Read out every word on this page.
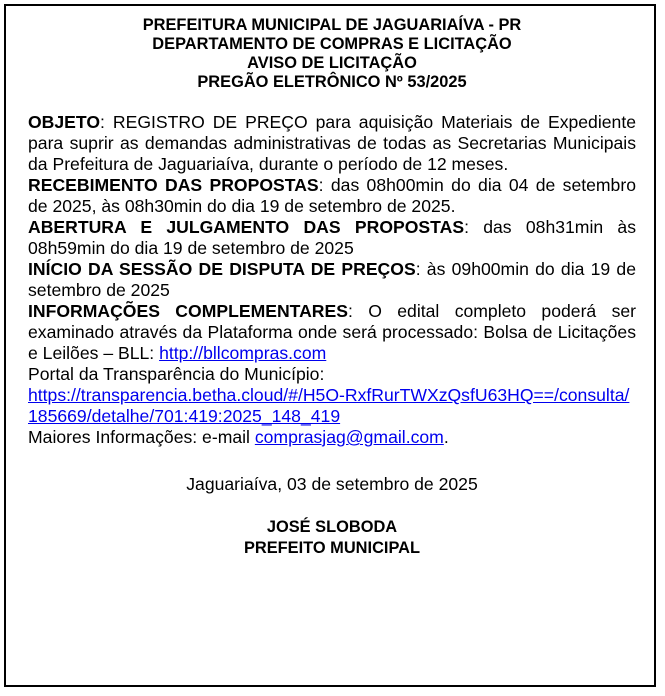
PREFEITURA MUNICIPAL DE JAGUARIAÍVA - PR
DEPARTAMENTO DE COMPRAS E LICITAÇÃO
AVISO DE LICITAÇÃO
PREGÃO ELETRÔNICO Nº 53/2025

OBJETO: REGISTRO DE PREÇO para aquisição Materiais de Expediente para suprir as demandas administrativas de todas as Secretarias Municipais da Prefeitura de Jaguariaíva, durante o período de 12 meses.

RECEBIMENTO DAS PROPOSTAS: das 08h00min do dia 04 de setembro de 2025, às 08h30min do dia 19 de setembro de 2025.

ABERTURA E JULGAMENTO DAS PROPOSTAS: das 08h31min às 08h59min do dia 19 de setembro de 2025

INÍCIO DA SESSÃO DE DISPUTA DE PREÇOS: às 09h00min do dia 19 de setembro de 2025

INFORMAÇÕES COMPLEMENTARES: O edital completo poderá ser examinado através da Plataforma onde será processado: Bolsa de Licitações e Leilões – BLL: http://bllcompras.com

Portal da Transparência do Município:
https://transparencia.betha.cloud/#/H5O-RxfRurTWXzQsfU63HQ==/consulta/185669/detalhe/701:419:2025_148_419

Maiores Informações: e-mail comprasjag@gmail.com.

Jaguariaíva, 03 de setembro de 2025
JOSÉ SLOBODA
PREFEITO MUNICIPAL
